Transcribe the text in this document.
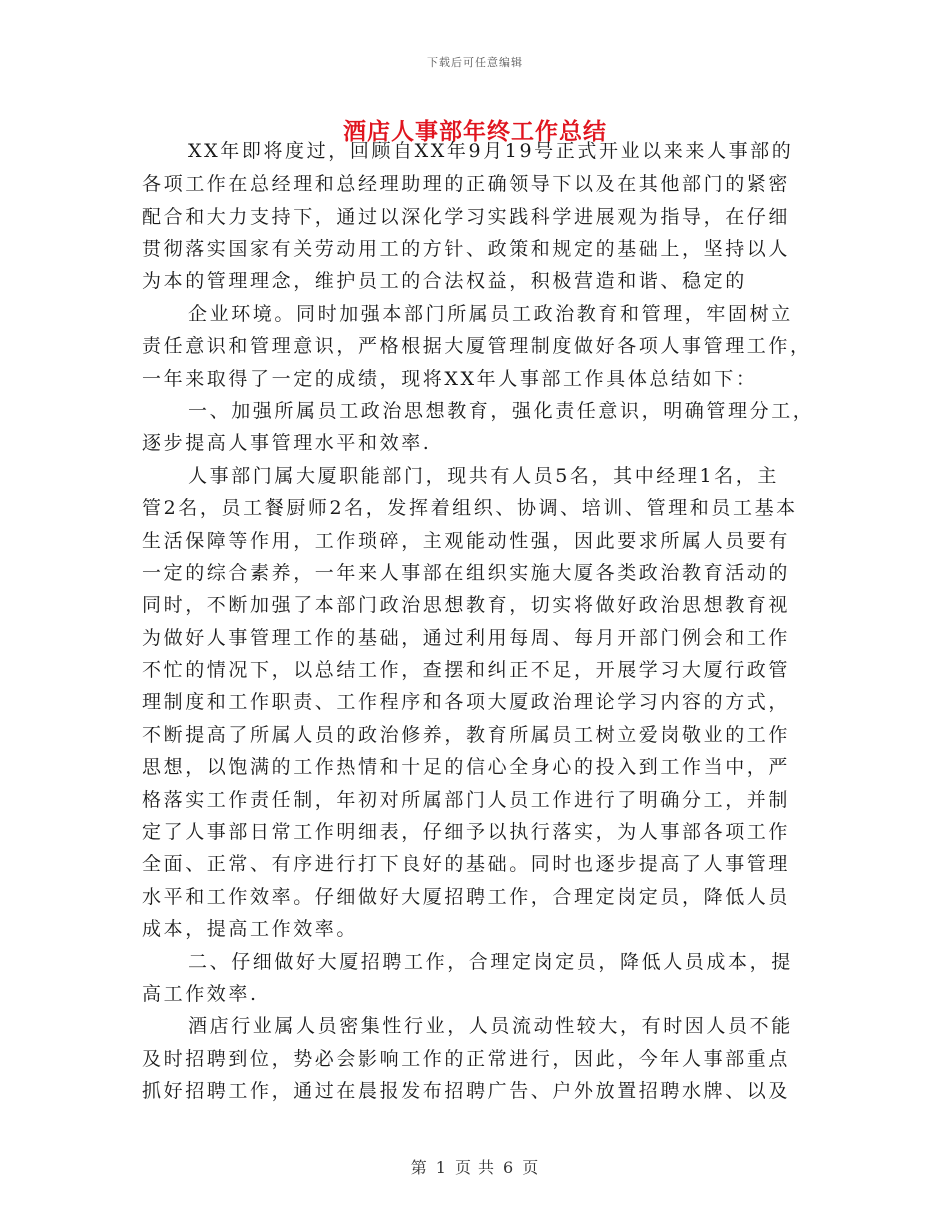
下载后可任意编辑
酒店人事部年终工作总结
XX年即将度过，回顾自XX年9月19号正式开业以来来人事部的
各项工作在总经理和总经理助理的正确领导下以及在其他部门的紧密
配合和大力支持下，通过以深化学习实践科学进展观为指导，在仔细
贯彻落实国家有关劳动用工的方针、政策和规定的基础上，坚持以人
为本的管理理念，维护员工的合法权益，积极营造和谐、稳定的
企业环境。同时加强本部门所属员工政治教育和管理，牢固树立
责任意识和管理意识，严格根据大厦管理制度做好各项人事管理工作，
一年来取得了一定的成绩，现将XX年人事部工作具体总结如下：
一、加强所属员工政治思想教育，强化责任意识，明确管理分工，
逐步提高人事管理水平和效率.
人事部门属大厦职能部门，现共有人员5名，其中经理1名，主
管2名，员工餐厨师2名，发挥着组织、协调、培训、管理和员工基本
生活保障等作用，工作琐碎，主观能动性强，因此要求所属人员要有
一定的综合素养，一年来人事部在组织实施大厦各类政治教育活动的
同时，不断加强了本部门政治思想教育，切实将做好政治思想教育视
为做好人事管理工作的基础，通过利用每周、每月开部门例会和工作
不忙的情况下，以总结工作，查摆和纠正不足，开展学习大厦行政管
理制度和工作职责、工作程序和各项大厦政治理论学习内容的方式，
不断提高了所属人员的政治修养，教育所属员工树立爱岗敬业的工作
思想，以饱满的工作热情和十足的信心全身心的投入到工作当中，严
格落实工作责任制，年初对所属部门人员工作进行了明确分工，并制
定了人事部日常工作明细表，仔细予以执行落实，为人事部各项工作
全面、正常、有序进行打下良好的基础。同时也逐步提高了人事管理
水平和工作效率。仔细做好大厦招聘工作，合理定岗定员，降低人员
成本，提高工作效率。
二、仔细做好大厦招聘工作，合理定岗定员，降低人员成本，提
高工作效率.
酒店行业属人员密集性行业，人员流动性较大，有时因人员不能
及时招聘到位，势必会影响工作的正常进行，因此，今年人事部重点
抓好招聘工作，通过在晨报发布招聘广告、户外放置招聘水牌、以及
第 1 页 共 6 页
